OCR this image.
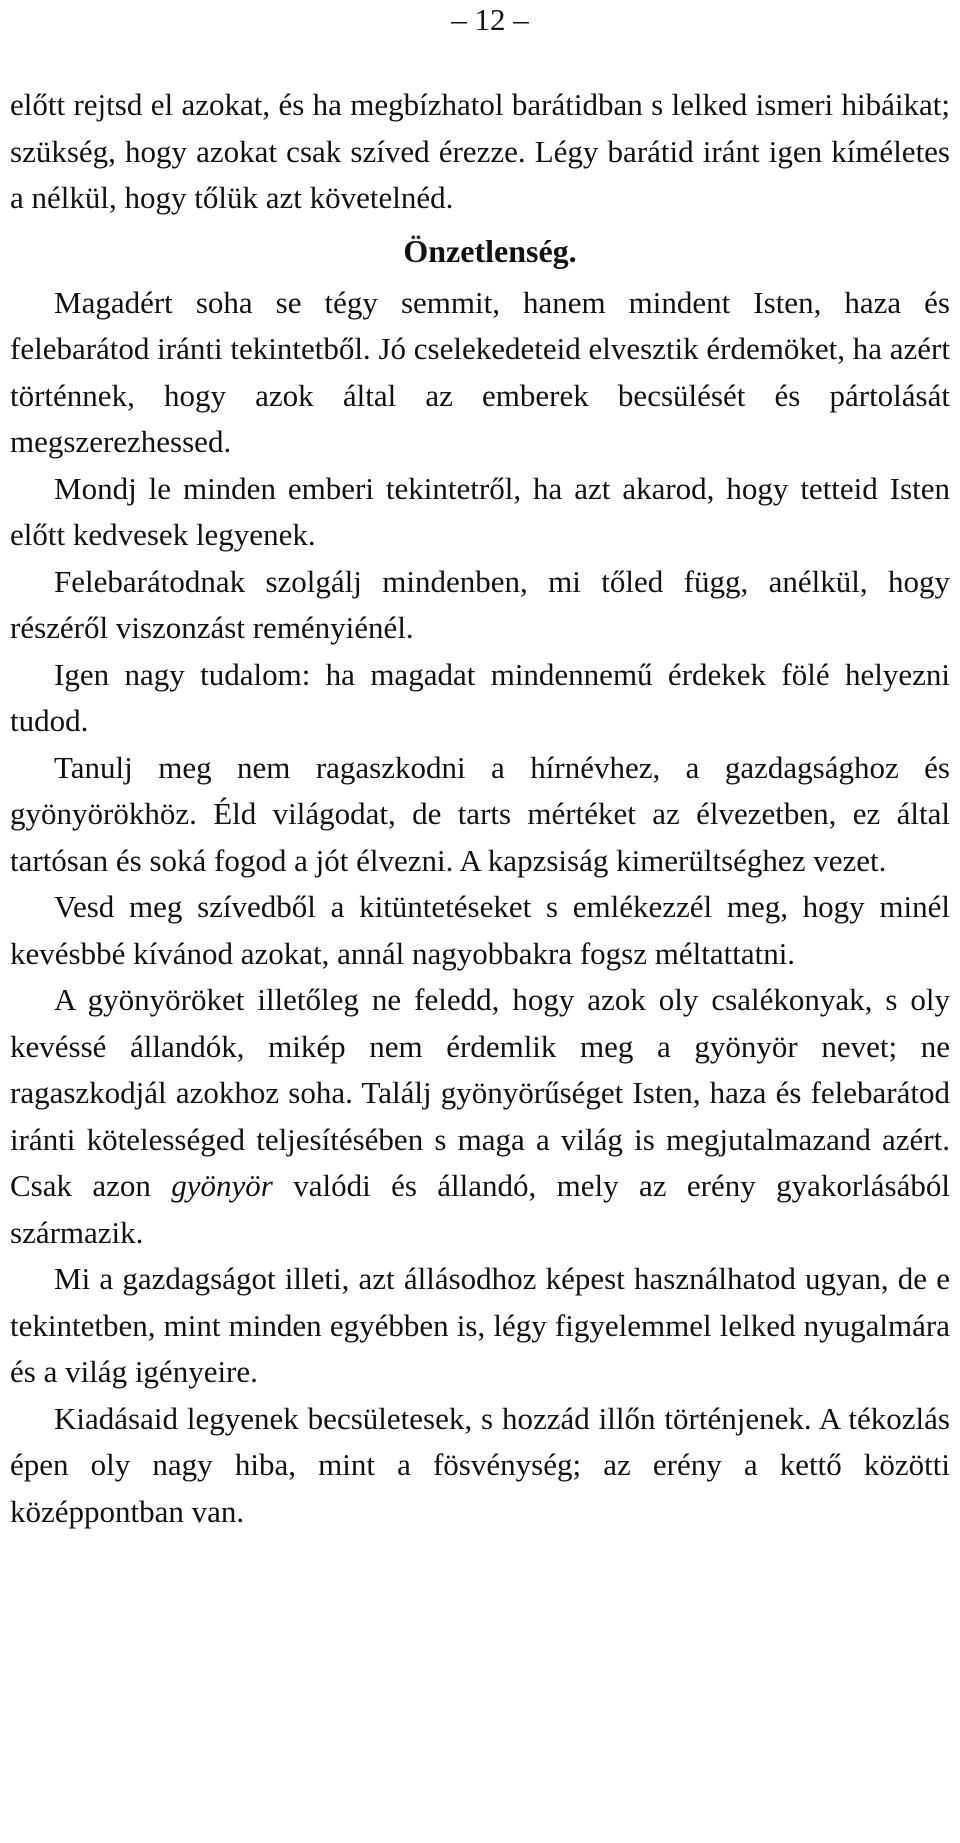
– 12 –

előtt rejtsd el azokat, és ha megbízhatol barátidban s lelked ismeri hibáikat; szükség, hogy azokat csak szíved érezze. Légy barátid iránt igen kíméletes a nélkül, hogy tőlük azt követelnéd.

Önzetlenség.

Magadért soha se tégy semmit, hanem mindent Isten, haza és felebarátod iránti tekintetből. Jó cselekedeteid elvesztik érdemöket, ha azért történnek, hogy azok által az emberek becsülését és pártolását megszerezhessed.

Mondj le minden emberi tekintetről, ha azt akarod, hogy tetteid Isten előtt kedvesek legyenek.

Felebarátodnak szolgálj mindenben, mi tőled függ, anélkül, hogy részéről viszonzást reményiénél.

Igen nagy tudalom: ha magadat mindennemű érdekek fölé helyezni tudod.

Tanulj meg nem ragaszkodni a hírnévhez, a gazdagsághoz és gyönyörökhöz. Éld világodat, de tarts mértéket az élvezetben, ez által tartósan és soká fogod a jót élvezni. A kapzsiság kimerültséghez vezet.

Vesd meg szívedből a kitüntetéseket s emlékezzél meg, hogy minél kevésbbé kívánod azokat, annál nagyobbakra fogsz méltattatni.

A gyönyöröket illetőleg ne feledd, hogy azok oly csalékonyak, s oly kevéssé állandók, mikép nem érdemlik meg a gyönyör nevet; ne ragaszkodjál azokhoz soha. Találj gyönyörűséget Isten, haza és felebarátod iránti kötelességed teljesítésében s maga a világ is megjutalmazand azért. Csak azon gyönyör valódi és állandó, mely az erény gyakorlásából származik.

Mi a gazdagságot illeti, azt állásodhoz képest használhatod ugyan, de e tekintetben, mint minden egyébben is, légy figyelemmel lelked nyugalmára és a világ igényeire.

Kiadásaid legyenek becsületesek, s hozzád illőn történjenek. A tékozlás épen oly nagy hiba, mint a fösvénység; az erény a kettő közötti középpontban van.
